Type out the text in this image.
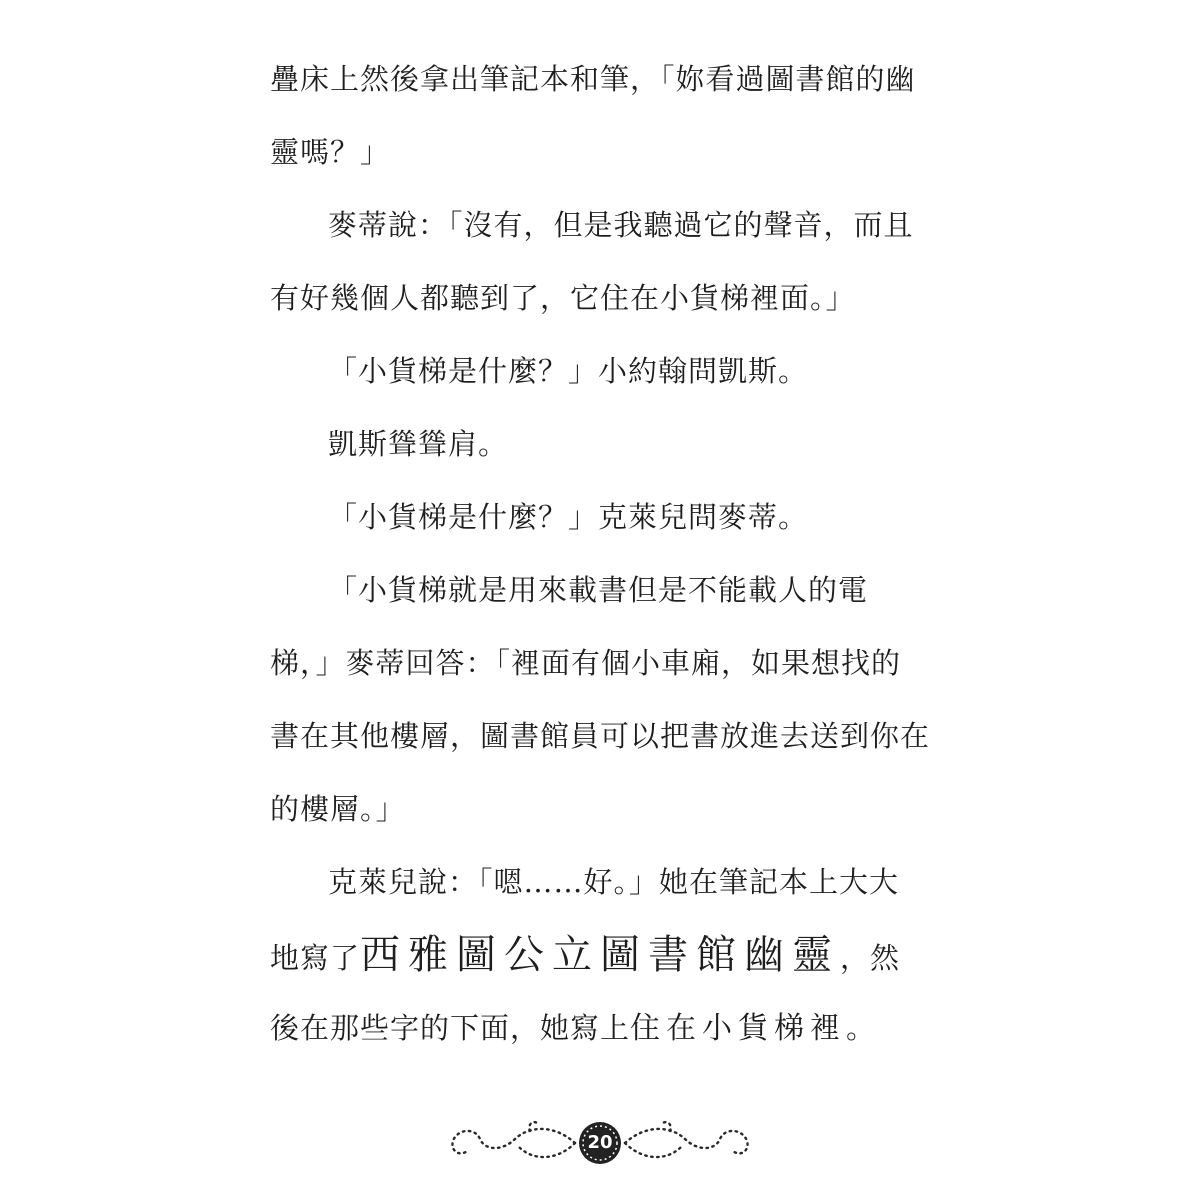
疊床上然後拿出筆記本和筆，「妳看過圖書館的幽
靈嗎？」
麥蒂說：「沒有，但是我聽過它的聲音，而且
有好幾個人都聽到了，它住在小貨梯裡面。」
「小貨梯是什麼？」小約翰問凱斯。
凱斯聳聳肩。
「小貨梯是什麼？」克萊兒問麥蒂。
「小貨梯就是用來載書但是不能載人的電
梯，」麥蒂回答：「裡面有個小車廂，如果想找的
書在其他樓層，圖書館員可以把書放進去送到你在
的樓層。」
克萊兒說：「嗯……好。」她在筆記本上大大
地寫了西雅圖公立圖書館幽靈，然
後在那些字的下面，她寫上住在小貨梯裡。
20
